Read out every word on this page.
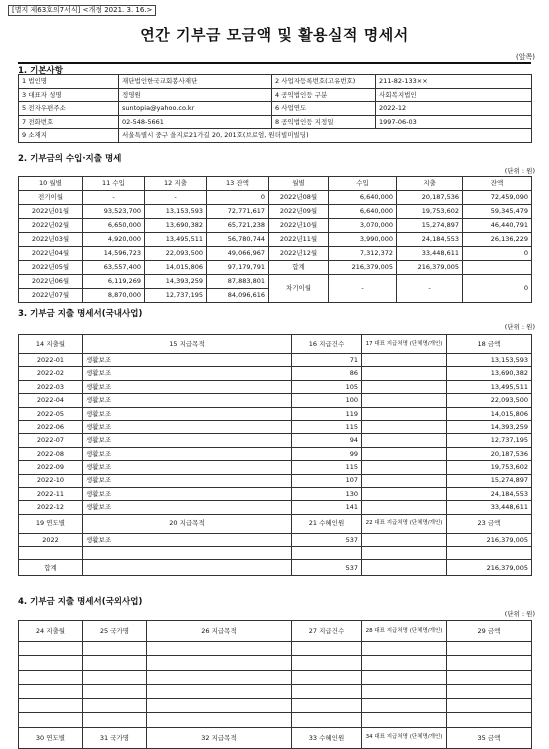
[별지 제63호의7서식] <개정 2021. 3. 16.>
연간 기부금 모금액 및 활용실적 명세서
(앞쪽)
1. 기본사항
1 법인명	재단법인한국교회봉사재단	2 사업자등록번호(고유번호)	211-82-133××
3 대표자 성명	정영원	4 공익법인등 구분	사회복지법인
5 전자우편주소	suntopia@yahoo.co.kr	6 사업연도	2022-12
7 전화번호	02-548-5661	8 공익법인등 지정일	1997-06-03
9 소재지	서울특별시 중구 을지로21가길 20, 201호(브로엄, 원더빌미빌딩)		
2. 기부금의 수입·지출 명세
(단위 : 원)
10 월별	11 수입	12 지출	13 잔액	월별	수입	지출	잔액
전기이월	-	-	0	2022년08월	6,640,000	20,187,536	72,459,090
2022년01월	93,523,700	13,153,593	72,771,617	2022년09월	6,640,000	19,753,602	59,345,479
2022년02월	6,650,000	13,690,382	65,721,238	2022년10월	3,070,000	15,274,897	46,440,791
2022년03월	4,920,000	13,495,511	56,780,744	2022년11월	3,990,000	24,184,553	26,136,229
2022년04월	14,596,723	22,093,500	49,066,967	2022년12월	7,312,372	33,448,611	0
2022년05월	63,557,400	14,015,806	97,179,791	합계	216,379,005	216,379,005	
2022년06월	6,119,269	14,393,259	87,883,801	차기이월	-	-	0
2022년07월	8,870,000	12,737,195	84,096,616				
3. 기부금 지출 명세서(국내사업)
(단위 : 원)
14 지출월	15 지급목적	16 지급건수	17 대표 지급처명 (단체명/개인)	18 금액
2022-01	생활보조	71		13,153,593
2022-02	생활보조	86		13,690,382
2022-03	생활보조	105		13,495,511
2022-04	생활보조	100		22,093,500
2022-05	생활보조	119		14,015,806
2022-06	생활보조	115		14,393,259
2022-07	생활보조	94		12,737,195
2022-08	생활보조	99		20,187,536
2022-09	생활보조	115		19,753,602
2022-10	생활보조	107		15,274,897
2022-11	생활보조	130		24,184,553
2022-12	생활보조	141		33,448,611
19 연도별	20 지급목적	21 수혜인원	22 대표 지급처명 (단체명/개인)	23 금액
2022	생활보조	537		216,379,005

합계		537		216,379,005
4. 기부금 지출 명세서(국외사업)
(단위 : 원)
24 지출월	25 국가명	26 지급목적	27 지급건수	28 대표 지급처명 (단체명/개인)	29 금액

30 연도별	31 국가명	32 지급목적	33 수혜인원	34 대표 지급처명 (단체명/개인)	35 금액
